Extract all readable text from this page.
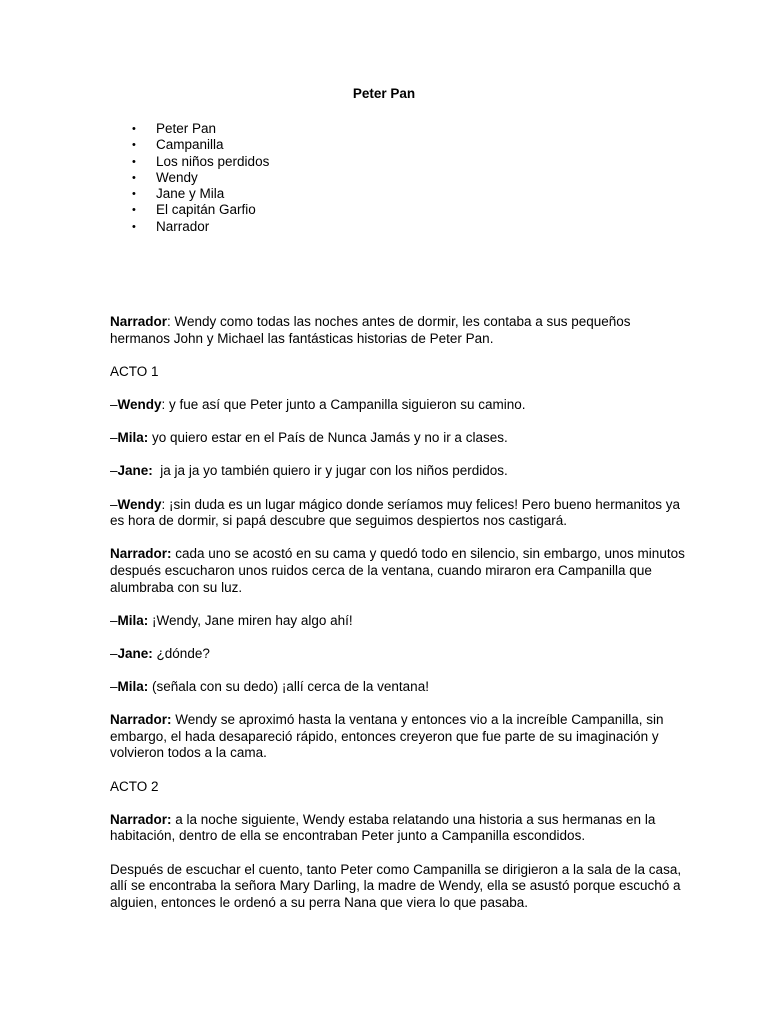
Peter Pan
• Peter Pan
• Campanilla
• Los niños perdidos
• Wendy
• Jane y Mila
• El capitán Garfio
• Narrador
Narrador: Wendy como todas las noches antes de dormir, les contaba a sus pequeños
hermanos John y Michael las fantásticas historias de Peter Pan.
ACTO 1
–Wendy: y fue así que Peter junto a Campanilla siguieron su camino.
–Mila: yo quiero estar en el País de Nunca Jamás y no ir a clases.
–Jane:  ja ja ja yo también quiero ir y jugar con los niños perdidos.
–Wendy: ¡sin duda es un lugar mágico donde seríamos muy felices! Pero bueno hermanitos ya
es hora de dormir, si papá descubre que seguimos despiertos nos castigará.
Narrador: cada uno se acostó en su cama y quedó todo en silencio, sin embargo, unos minutos
después escucharon unos ruidos cerca de la ventana, cuando miraron era Campanilla que
alumbraba con su luz.
–Mila: ¡Wendy, Jane miren hay algo ahí!
–Jane: ¿dónde?
–Mila: (señala con su dedo) ¡allí cerca de la ventana!
Narrador: Wendy se aproximó hasta la ventana y entonces vio a la increíble Campanilla, sin
embargo, el hada desapareció rápido, entonces creyeron que fue parte de su imaginación y
volvieron todos a la cama.
ACTO 2
Narrador: a la noche siguiente, Wendy estaba relatando una historia a sus hermanas en la
habitación, dentro de ella se encontraban Peter junto a Campanilla escondidos.
Después de escuchar el cuento, tanto Peter como Campanilla se dirigieron a la sala de la casa,
allí se encontraba la señora Mary Darling, la madre de Wendy, ella se asustó porque escuchó a
alguien, entonces le ordenó a su perra Nana que viera lo que pasaba.
